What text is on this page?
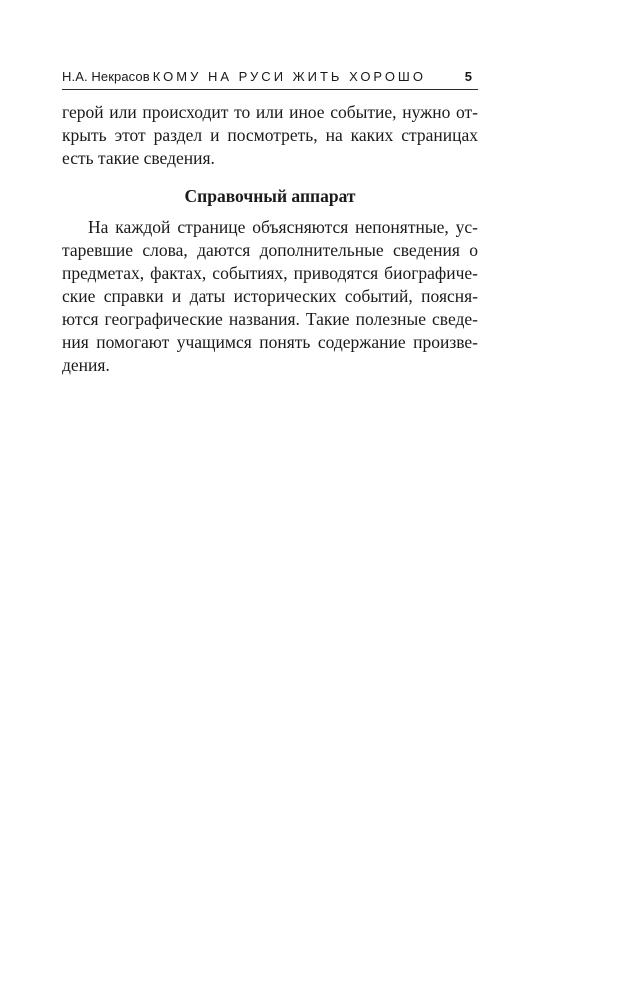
Н.А. Некрасов КОМУ НА РУСИ ЖИТЬ ХОРОШО	5
герой или происходит то или иное событие, нужно от-
крыть этот раздел и посмотреть, на каких страницах
есть такие сведения.
Справочный аппарат
На каждой странице объясняются непонятные, ус-
таревшие слова, даются дополнительные сведения о
предметах, фактах, событиях, приводятся биографиче-
ские справки и даты исторических событий, поясня-
ются географические названия. Такие полезные сведе-
ния помогают учащимся понять содержание произве-
дения.
